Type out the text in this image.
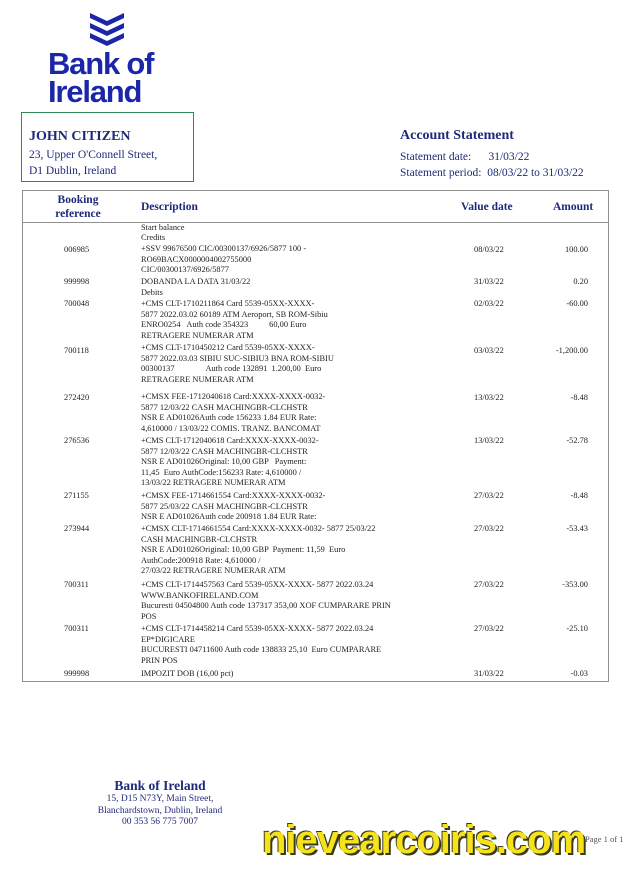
Bank of
Ireland
JOHN CITIZEN
23, Upper O'Connell Street,
D1 Dublin, Ireland
Account Statement
Statement date: 31/03/22
Statement period: 08/03/22 to 31/03/22
Booking
reference
Description	Value date	Amount
Start balance
Credits
006985	+SSV 99676500 CIC/00300137/6926/5877 100 -
RO69BACX0000004002755000
CIC/00300137/6926/5877
08/03/22	100.00
999998	DOBANDA LA DATA 31/03/22	31/03/22	0.20
Debits
700048	+CMS CLT-1710211864 Card 5539-05XX-XXXX-
5877 2022.03.02 60189 ATM Aeroport, SB ROM-Sibiu
ENRO0254   Auth code 354323          60,00 Euro
RETRAGERE NUMERAR ATM
02/03/22	-60.00
700118	+CMS CLT-1710450212 Card 5539-05XX-XXXX-
5877 2022.03.03 SIBIU SUC-SIBIU3 BNA ROM-SIBIU
00300137               Auth code 132891  1.200,00  Euro
RETRAGERE NUMERAR ATM
03/03/22	-1,200.00
272420	+CMSX FEE-1712040618 Card:XXXX-XXXX-0032-
5877 12/03/22 CASH MACHINGBR-CLCHSTR
NSR E AD01026Auth code 156233 1.84 EUR Rate:
4,610000 / 13/03/22 COMIS. TRANZ. BANCOMAT
13/03/22	-8.48
276536	+CMS CLT-1712040618 Card:XXXX-XXXX-0032-
5877 12/03/22 CASH MACHINGBR-CLCHSTR
NSR E AD01026Original: 10,00 GBP   Payment:
11,45  Euro AuthCode:156233 Rate: 4,610000 /
13/03/22 RETRAGERE NUMERAR ATM
13/03/22	-52.78
271155	+CMSX FEE-1714661554 Card:XXXX-XXXX-0032-
5877 25/03/22 CASH MACHINGBR-CLCHSTR
NSR E AD01026Auth code 200918 1.84 EUR Rate:
27/03/22	-8.48
273944	+CMSX CLT-1714661554 Card:XXXX-XXXX-0032- 5877 25/03/22
CASH MACHINGBR-CLCHSTR
NSR E AD01026Original: 10,00 GBP  Payment: 11,59  Euro
AuthCode:200918 Rate: 4,610000 /
27/03/22 RETRAGERE NUMERAR ATM
27/03/22	-53.43
700311	+CMS CLT-1714457563 Card 5539-05XX-XXXX- 5877 2022.03.24
WWW.BANKOFIRELAND.COM
Bucuresti 04504800 Auth code 137317 353,00 XOF CUMPARARE PRIN
POS
27/03/22	-353.00
700311	+CMS CLT-1714458214 Card 5539-05XX-XXXX- 5877 2022.03.24
EP*DIGICARE
BUCURESTI 04711600 Auth code 138833 25,10  Euro CUMPARARE
PRIN POS
27/03/22	-25.10
999998	IMPOZIT DOB (16,00 pct)	31/03/22	-0.03
Bank of Ireland
15, D15 N73Y, Main Street,
Blanchardstown, Dublin, Ireland
00 353 56 775 7007
Page 1 of 1
nievearcoiris.com
